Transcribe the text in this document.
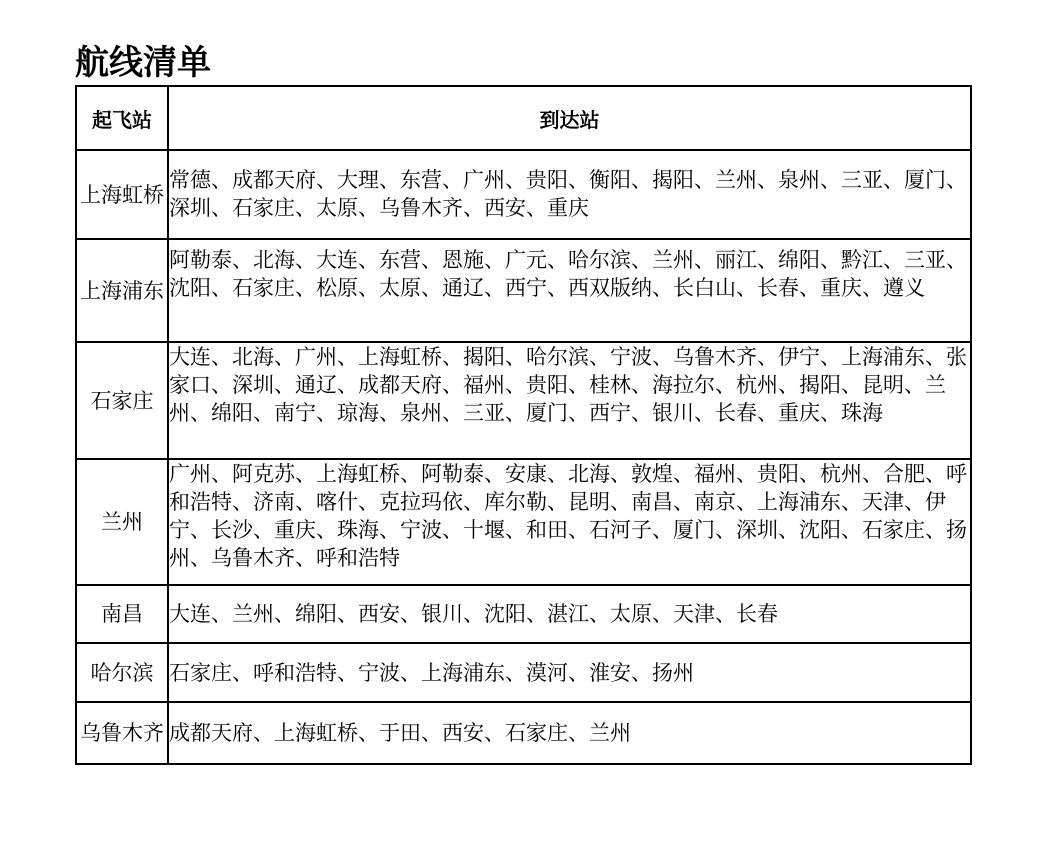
航线清单
起飞站	到达站
上海虹桥	常德、成都天府、大理、东营、广州、贵阳、衡阳、揭阳、兰州、泉州、三亚、厦门、深圳、石家庄、太原、乌鲁木齐、西安、重庆
上海浦东	阿勒泰、北海、大连、东营、恩施、广元、哈尔滨、兰州、丽江、绵阳、黔江、三亚、沈阳、石家庄、松原、太原、通辽、西宁、西双版纳、长白山、长春、重庆、遵义
石家庄	大连、北海、广州、上海虹桥、揭阳、哈尔滨、宁波、乌鲁木齐、伊宁、上海浦东、张家口、深圳、通辽、成都天府、福州、贵阳、桂林、海拉尔、杭州、揭阳、昆明、兰州、绵阳、南宁、琼海、泉州、三亚、厦门、西宁、银川、长春、重庆、珠海
兰州	广州、阿克苏、上海虹桥、阿勒泰、安康、北海、敦煌、福州、贵阳、杭州、合肥、呼和浩特、济南、喀什、克拉玛依、库尔勒、昆明、南昌、南京、上海浦东、天津、伊宁、长沙、重庆、珠海、宁波、十堰、和田、石河子、厦门、深圳、沈阳、石家庄、扬州、乌鲁木齐、呼和浩特
南昌	大连、兰州、绵阳、西安、银川、沈阳、湛江、太原、天津、长春
哈尔滨	石家庄、呼和浩特、宁波、上海浦东、漠河、淮安、扬州
乌鲁木齐	成都天府、上海虹桥、于田、西安、石家庄、兰州
